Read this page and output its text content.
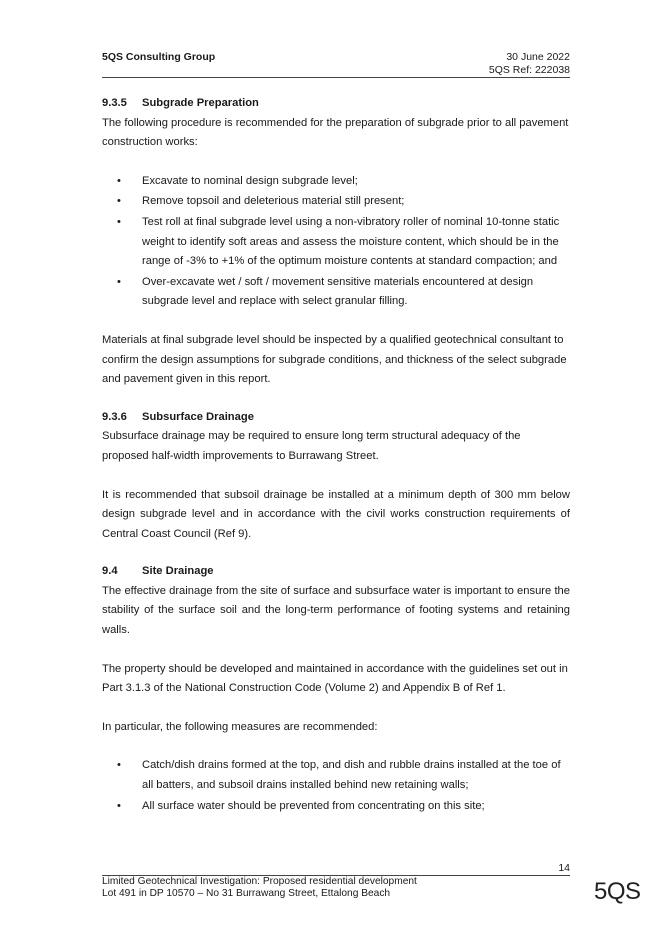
5QS Consulting Group	30 June 2022
5QS Ref: 222038
9.3.5 Subgrade Preparation

The following procedure is recommended for the preparation of subgrade prior to all pavement construction works:

• Excavate to nominal design subgrade level;
• Remove topsoil and deleterious material still present;
• Test roll at final subgrade level using a non-vibratory roller of nominal 10-tonne static weight to identify soft areas and assess the moisture content, which should be in the range of -3% to +1% of the optimum moisture contents at standard compaction; and
• Over-excavate wet / soft / movement sensitive materials encountered at design subgrade level and replace with select granular filling.

Materials at final subgrade level should be inspected by a qualified geotechnical consultant to confirm the design assumptions for subgrade conditions, and thickness of the select subgrade and pavement given in this report.

9.3.6 Subsurface Drainage

Subsurface drainage may be required to ensure long term structural adequacy of the proposed half-width improvements to Burrawang Street.

It is recommended that subsoil drainage be installed at a minimum depth of 300 mm below design subgrade level and in accordance with the civil works construction requirements of Central Coast Council (Ref 9).

9.4 Site Drainage

The effective drainage from the site of surface and subsurface water is important to ensure the stability of the surface soil and the long-term performance of footing systems and retaining walls.

The property should be developed and maintained in accordance with the guidelines set out in Part 3.1.3 of the National Construction Code (Volume 2) and Appendix B of Ref 1.

In particular, the following measures are recommended:

• Catch/dish drains formed at the top, and dish and rubble drains installed at the toe of all batters, and subsoil drains installed behind new retaining walls;
• All surface water should be prevented from concentrating on this site;
14
Limited Geotechnical Investigation: Proposed residential development
Lot 491 in DP 10570 – No 31 Burrawang Street, Ettalong Beach	5QS
